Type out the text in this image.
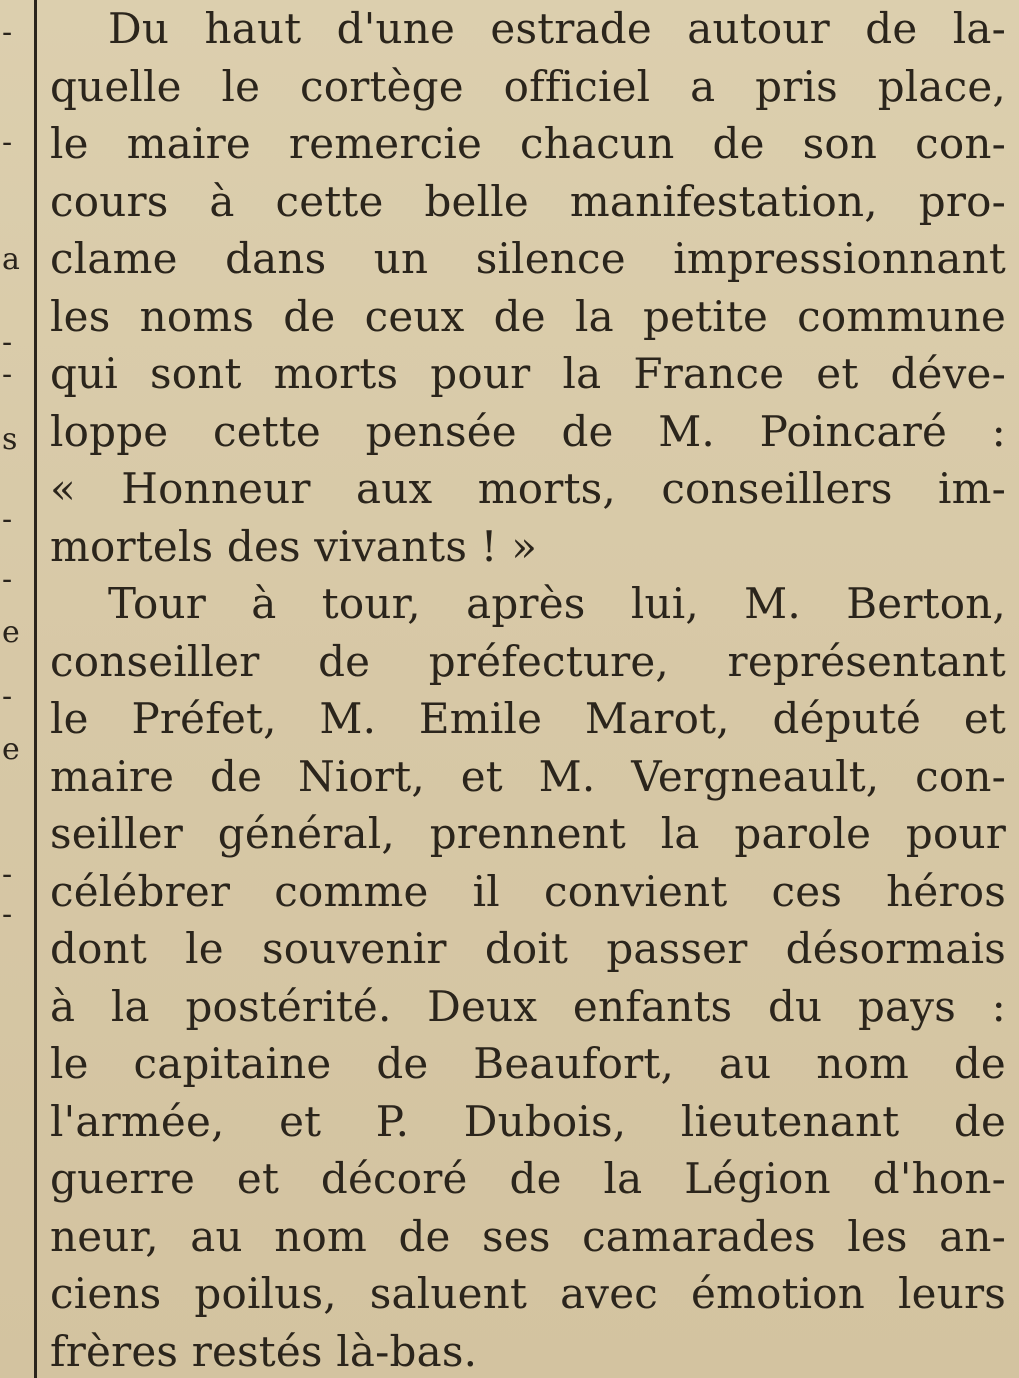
-
-
a
-
-
s
-
-
e
-
e
-
-
Du haut d'une estrade autour de la-
quelle le cortège officiel a pris place,
le maire remercie chacun de son con-
cours à cette belle manifestation, pro-
clame dans un silence impressionnant
les noms de ceux de la petite commune
qui sont morts pour la France et déve-
loppe cette pensée de M. Poincaré :
« Honneur aux morts, conseillers im-
mortels des vivants ! »
Tour à tour, après lui, M. Berton,
conseiller de préfecture, représentant
le Préfet, M. Emile Marot, député et
maire de Niort, et M. Vergneault, con-
seiller général, prennent la parole pour
célébrer comme il convient ces héros
dont le souvenir doit passer désormais
à la postérité. Deux enfants du pays :
le capitaine de Beaufort, au nom de
l'armée, et P. Dubois, lieutenant de
guerre et décoré de la Légion d'hon-
neur, au nom de ses camarades les an-
ciens poilus, saluent avec émotion leurs
frères restés là-bas.
